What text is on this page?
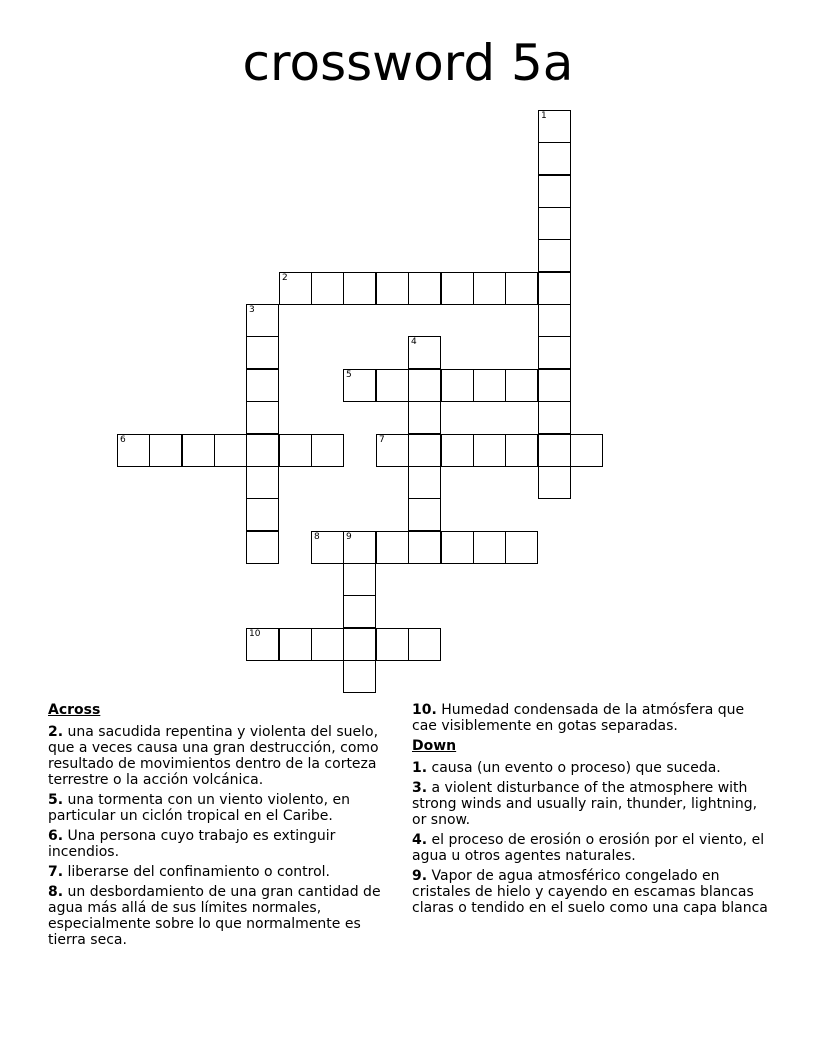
crossword 5a
1
2
3
4
5
6	7
8	9
10
Across
2. una sacudida repentina y violenta del suelo, que a veces causa una gran destrucción, como resultado de movimientos dentro de la corteza terrestre o la acción volcánica.
5. una tormenta con un viento violento, en particular un ciclón tropical en el Caribe.
6. Una persona cuyo trabajo es extinguir incendios.
7. liberarse del confinamiento o control.
8. un desbordamiento de una gran cantidad de agua más allá de sus límites normales, especialmente sobre lo que normalmente es tierra seca.
10. Humedad condensada de la atmósfera que cae visiblemente en gotas separadas.
Down
1. causa (un evento o proceso) que suceda.
3. a violent disturbance of the atmosphere with strong winds and usually rain, thunder, lightning, or snow.
4. el proceso de erosión o erosión por el viento, el agua u otros agentes naturales.
9. Vapor de agua atmosférico congelado en cristales de hielo y cayendo en escamas blancas claras o tendido en el suelo como una capa blanca
